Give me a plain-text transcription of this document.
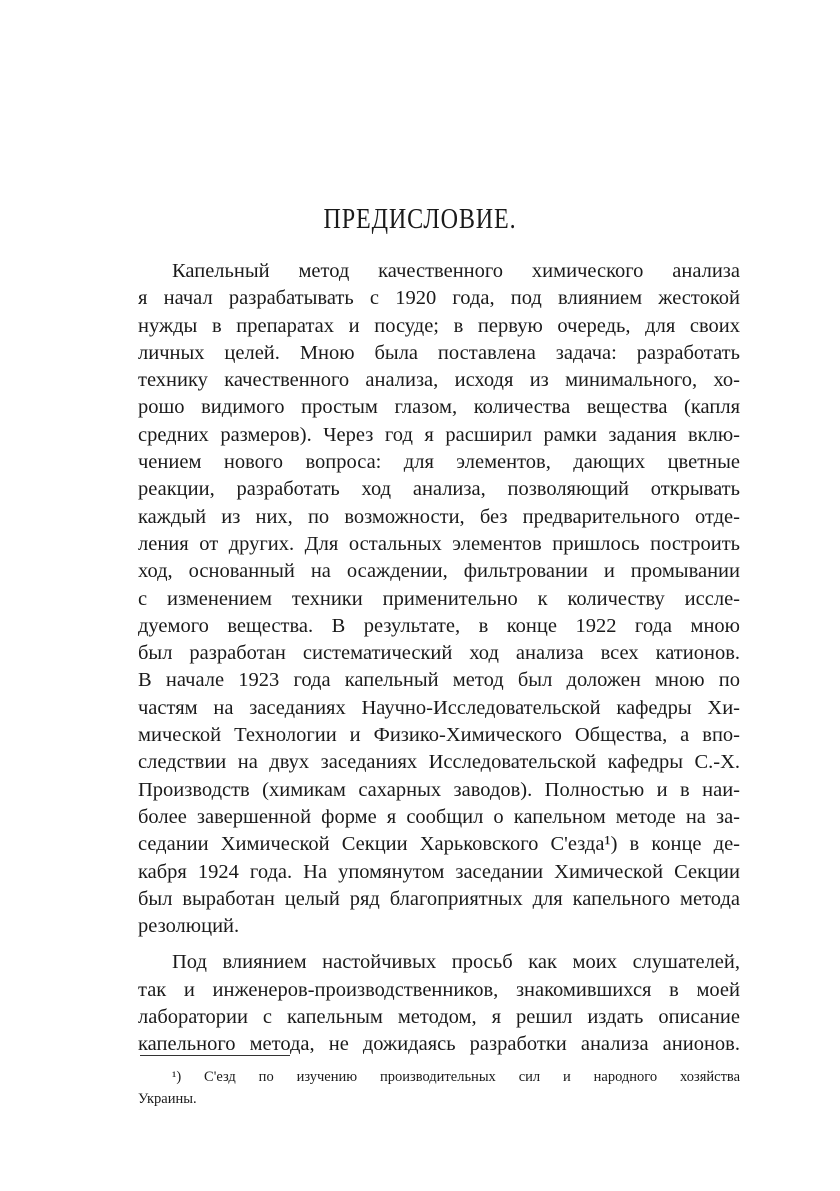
ПРЕДИСЛОВИЕ.
Капельный метод качественного химического анализа
я начал разрабатывать с 1920 года, под влиянием жестокой
нужды в препаратах и посуде; в первую очередь, для своих
личных целей. Мною была поставлена задача: разработать
технику качественного анализа, исходя из минимального, хо-
рошо видимого простым глазом, количества вещества (капля
средних размеров). Через год я расширил рамки задания вклю-
чением нового вопроса: для элементов, дающих цветные
реакции, разработать ход анализа, позволяющий открывать
каждый из них, по возможности, без предварительного отде-
ления от других. Для остальных элементов пришлось построить
ход, основанный на осаждении, фильтровании и промывании
с изменением техники применительно к количеству иссле-
дуемого вещества. В результате, в конце 1922 года мною
был разработан систематический ход анализа всех катионов.
В начале 1923 года капельный метод был доложен мною по
частям на заседаниях Научно-Исследовательской кафедры Хи-
мической Технологии и Физико-Химического Общества, а впо-
следствии на двух заседаниях Исследовательской кафедры С.-Х.
Производств (химикам сахарных заводов). Полностью и в наи-
более завершенной форме я сообщил о капельном методе на за-
седании Химической Секции Харьковского С'езда¹) в конце де-
кабря 1924 года. На упомянутом заседании Химической Секции
был выработан целый ряд благоприятных для капельного метода
резолюций.
Под влиянием настойчивых просьб как моих слушателей,
так и инженеров-производственников, знакомившихся в моей
лаборатории с капельным методом, я решил издать описание
капельного метода, не дожидаясь разработки анализа анионов.
¹) С'езд по изучению производительных сил и народного хозяйства
Украины.
